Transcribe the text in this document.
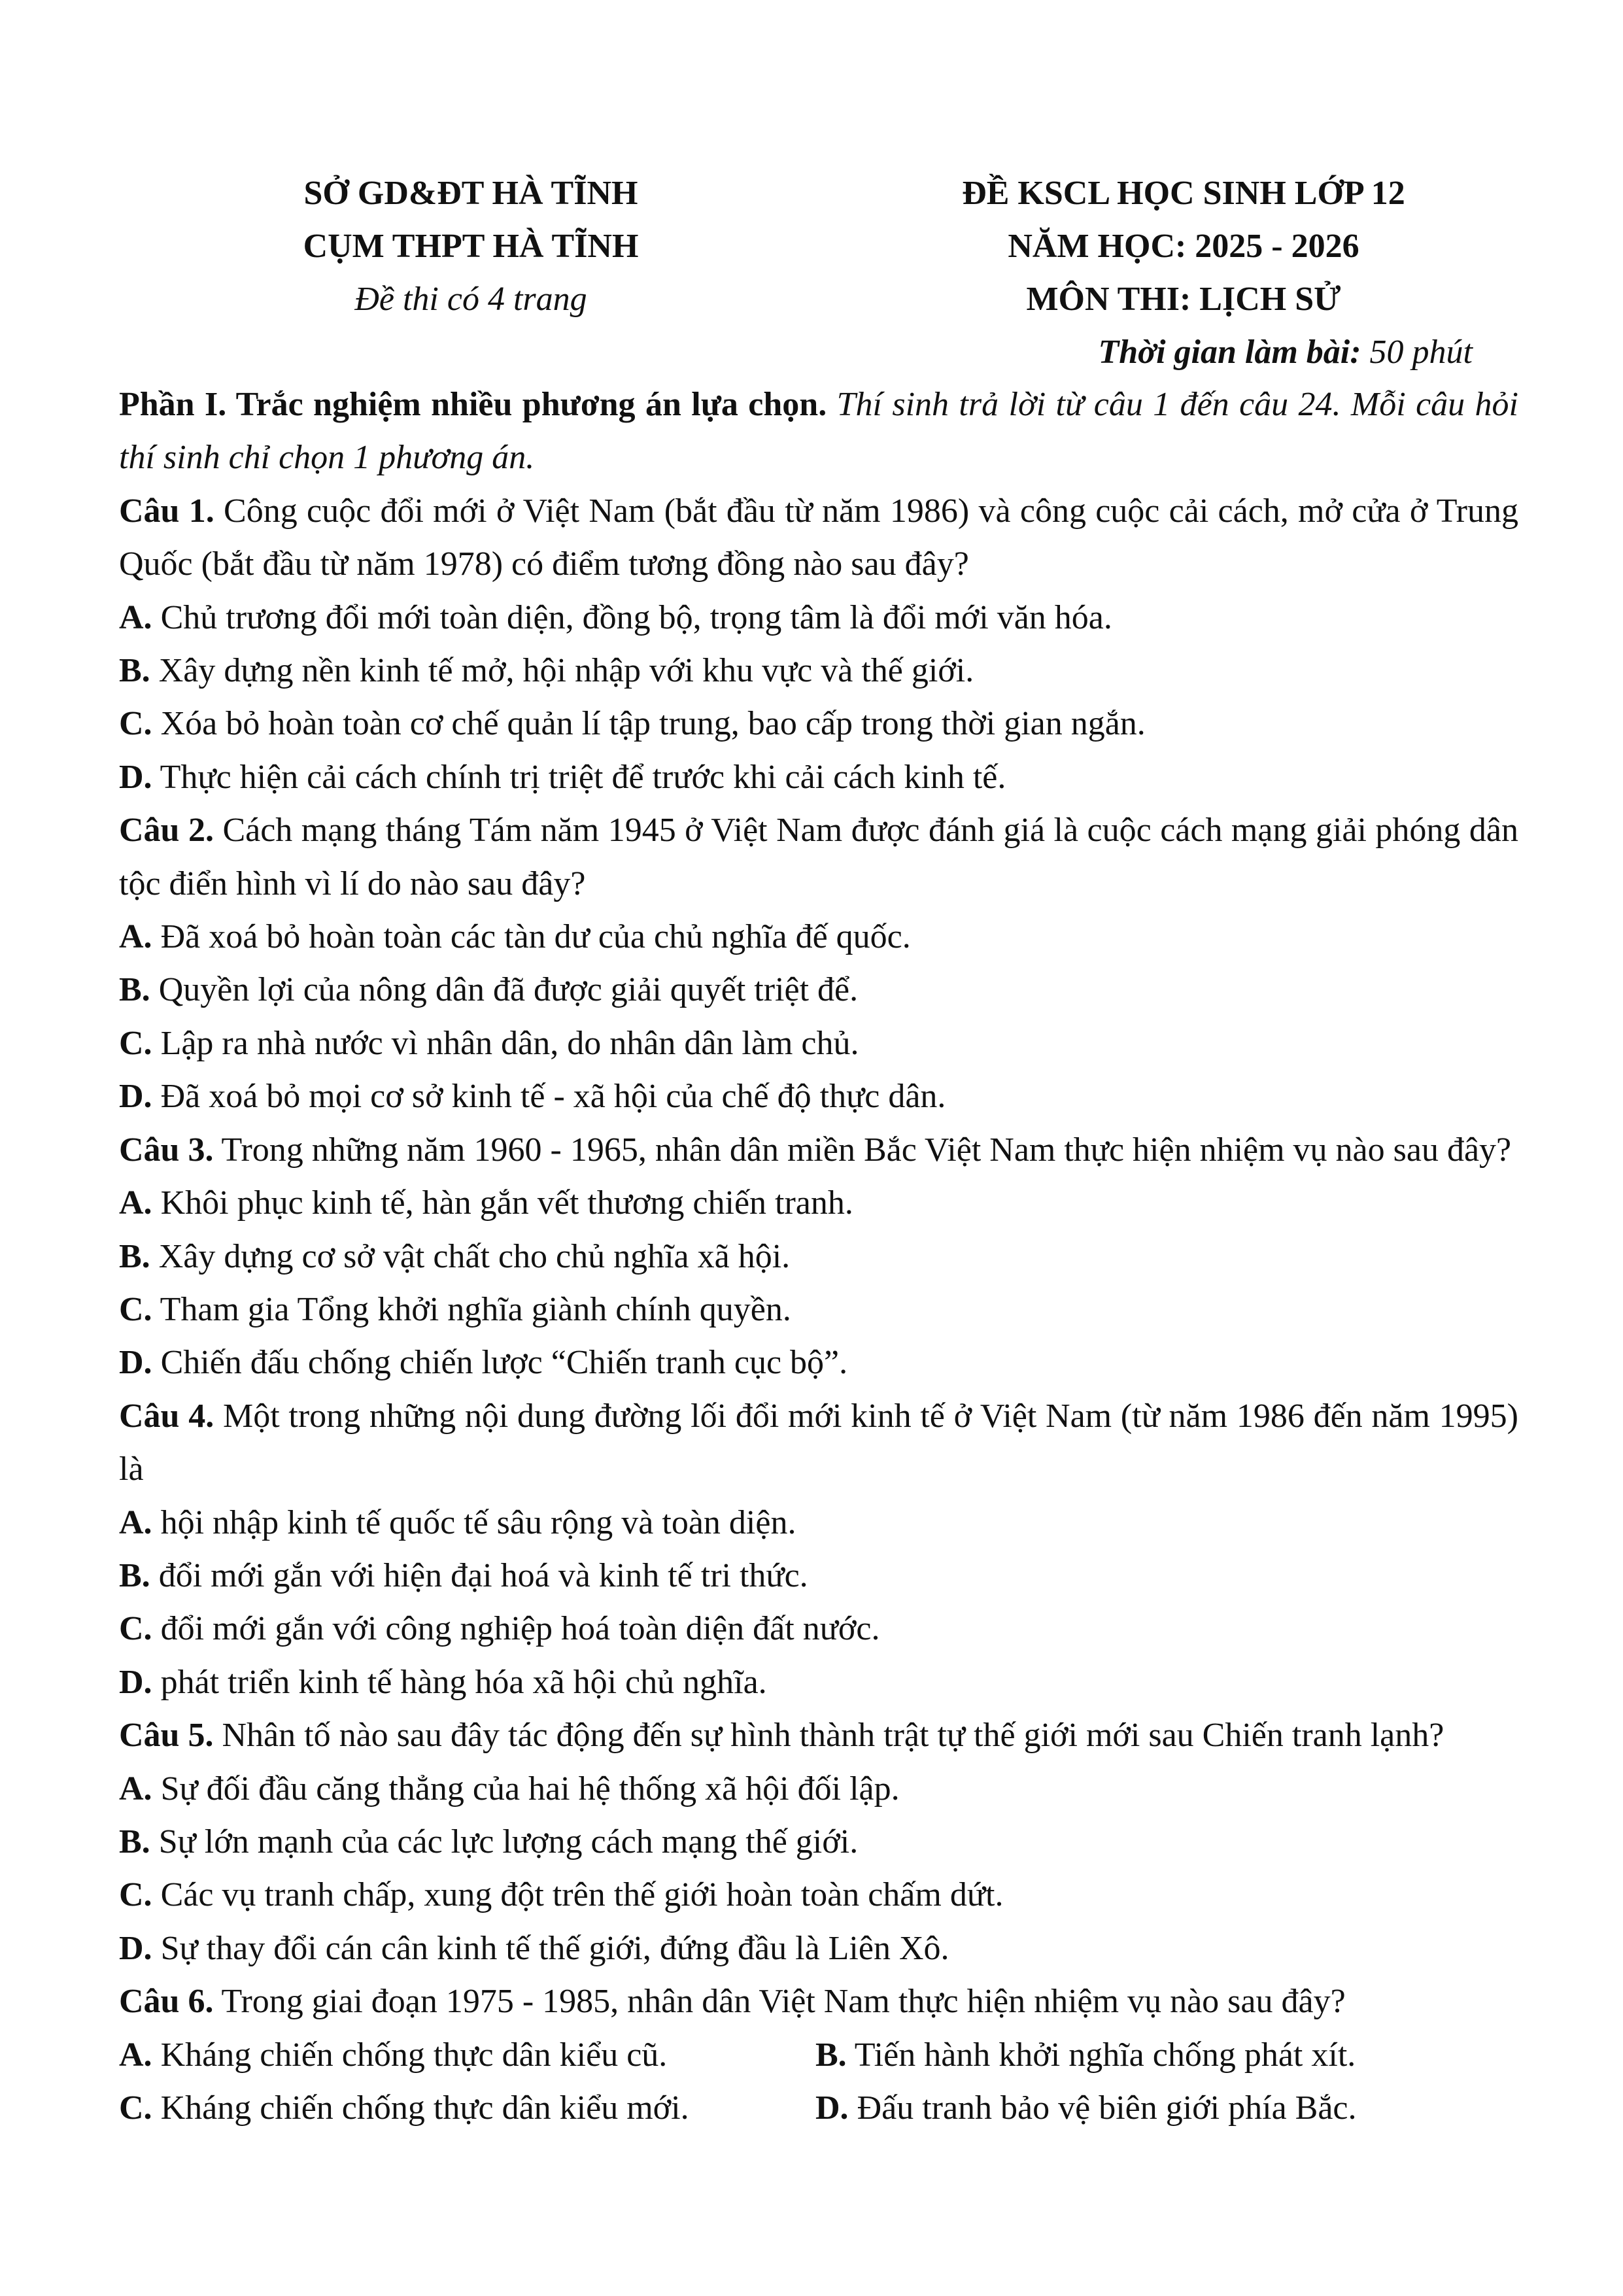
SỞ GD&ĐT HÀ TĨNH
CỤM THPT HÀ TĨNH
Đề thi có 4 trang
ĐỀ KSCL HỌC SINH LỚP 12
NĂM HỌC: 2025 - 2026
MÔN THI: LỊCH SỬ
Thời gian làm bài: 50 phút

Phần I. Trắc nghiệm nhiều phương án lựa chọn. Thí sinh trả lời từ câu 1 đến câu 24. Mỗi câu hỏi thí sinh chỉ chọn 1 phương án.

Câu 1. Công cuộc đổi mới ở Việt Nam (bắt đầu từ năm 1986) và công cuộc cải cách, mở cửa ở Trung Quốc (bắt đầu từ năm 1978) có điểm tương đồng nào sau đây?

A. Chủ trương đổi mới toàn diện, đồng bộ, trọng tâm là đổi mới văn hóa.

B. Xây dựng nền kinh tế mở, hội nhập với khu vực và thế giới.

C. Xóa bỏ hoàn toàn cơ chế quản lí tập trung, bao cấp trong thời gian ngắn.

D. Thực hiện cải cách chính trị triệt để trước khi cải cách kinh tế.

Câu 2. Cách mạng tháng Tám năm 1945 ở Việt Nam được đánh giá là cuộc cách mạng giải phóng dân tộc điển hình vì lí do nào sau đây?

A. Đã xoá bỏ hoàn toàn các tàn dư của chủ nghĩa đế quốc.

B. Quyền lợi của nông dân đã được giải quyết triệt để.

C. Lập ra nhà nước vì nhân dân, do nhân dân làm chủ.

D. Đã xoá bỏ mọi cơ sở kinh tế - xã hội của chế độ thực dân.

Câu 3. Trong những năm 1960 - 1965, nhân dân miền Bắc Việt Nam thực hiện nhiệm vụ nào sau đây?

A. Khôi phục kinh tế, hàn gắn vết thương chiến tranh.

B. Xây dựng cơ sở vật chất cho chủ nghĩa xã hội.

C. Tham gia Tổng khởi nghĩa giành chính quyền.

D. Chiến đấu chống chiến lược “Chiến tranh cục bộ”.

Câu 4. Một trong những nội dung đường lối đổi mới kinh tế ở Việt Nam (từ năm 1986 đến năm 1995) là

A. hội nhập kinh tế quốc tế sâu rộng và toàn diện.

B. đổi mới gắn với hiện đại hoá và kinh tế tri thức.

C. đổi mới gắn với công nghiệp hoá toàn diện đất nước.

D. phát triển kinh tế hàng hóa xã hội chủ nghĩa.

Câu 5. Nhân tố nào sau đây tác động đến sự hình thành trật tự thế giới mới sau Chiến tranh lạnh?

A. Sự đối đầu căng thẳng của hai hệ thống xã hội đối lập.

B. Sự lớn mạnh của các lực lượng cách mạng thế giới.

C. Các vụ tranh chấp, xung đột trên thế giới hoàn toàn chấm dứt.

D. Sự thay đổi cán cân kinh tế thế giới, đứng đầu là Liên Xô.

Câu 6. Trong giai đoạn 1975 - 1985, nhân dân Việt Nam thực hiện nhiệm vụ nào sau đây?

A. Kháng chiến chống thực dân kiểu cũ.	B. Tiến hành khởi nghĩa chống phát xít.
C. Kháng chiến chống thực dân kiểu mới.	D. Đấu tranh bảo vệ biên giới phía Bắc.
